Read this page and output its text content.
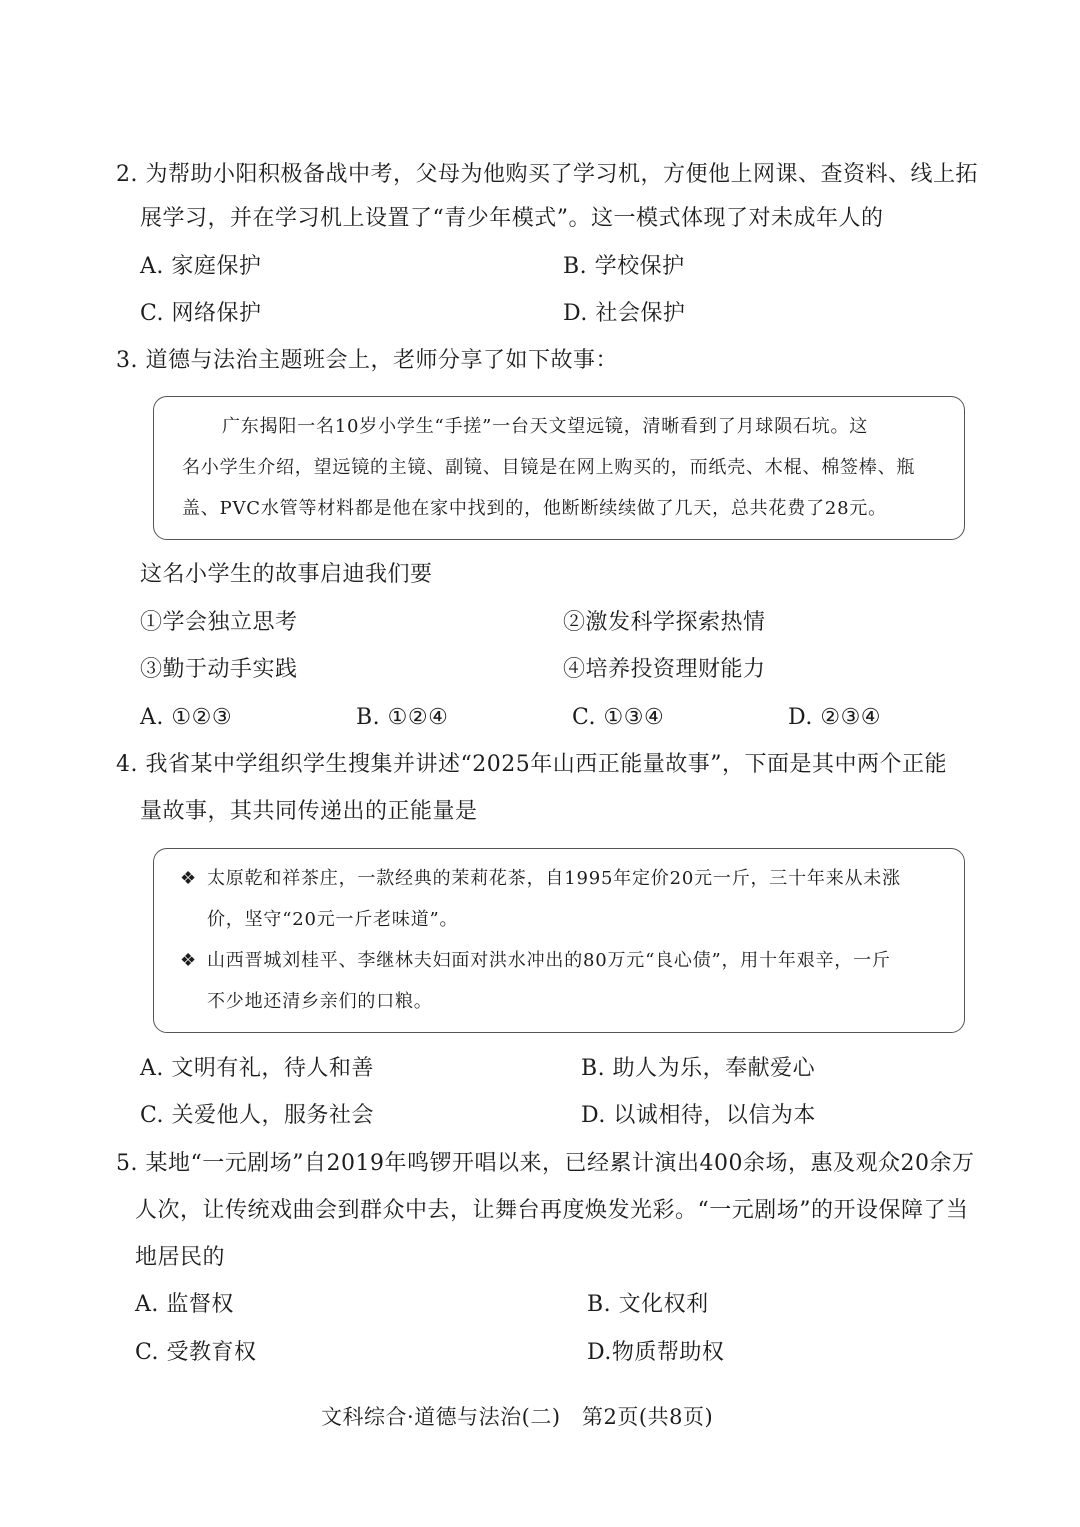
2. 为帮助小阳积极备战中考，父母为他购买了学习机，方便他上网课、查资料、线上拓
展学习，并在学习机上设置了“青少年模式”。这一模式体现了对未成年人的
A. 家庭保护	B. 学校保护
C. 网络保护	D. 社会保护
3. 道德与法治主题班会上，老师分享了如下故事：
广东揭阳一名10岁小学生“手搓”一台天文望远镜，清晰看到了月球陨石坑。这
名小学生介绍，望远镜的主镜、副镜、目镜是在网上购买的，而纸壳、木棍、棉签棒、瓶
盖、PVC水管等材料都是他在家中找到的，他断断续续做了几天，总共花费了28元。
这名小学生的故事启迪我们要
①学会独立思考	②激发科学探索热情
③勤于动手实践	④培养投资理财能力
A. ①②③	B. ①②④	C. ①③④	D. ②③④
4. 我省某中学组织学生搜集并讲述“2025年山西正能量故事”，下面是其中两个正能
量故事，其共同传递出的正能量是
❖ 太原乾和祥茶庄，一款经典的茉莉花茶，自1995年定价20元一斤，三十年来从未涨
价，坚守“20元一斤老味道”。
❖ 山西晋城刘桂平、李继林夫妇面对洪水冲出的80万元“良心债”，用十年艰辛，一斤
不少地还清乡亲们的口粮。
A. 文明有礼，待人和善	B. 助人为乐，奉献爱心
C. 关爱他人，服务社会	D. 以诚相待，以信为本
5. 某地“一元剧场”自2019年鸣锣开唱以来，已经累计演出400余场，惠及观众20余万
人次，让传统戏曲会到群众中去，让舞台再度焕发光彩。“一元剧场”的开设保障了当
地居民的
A. 监督权	B. 文化权利
C. 受教育权	D.物质帮助权
文科综合·道德与法治(二)　第2页(共8页)
